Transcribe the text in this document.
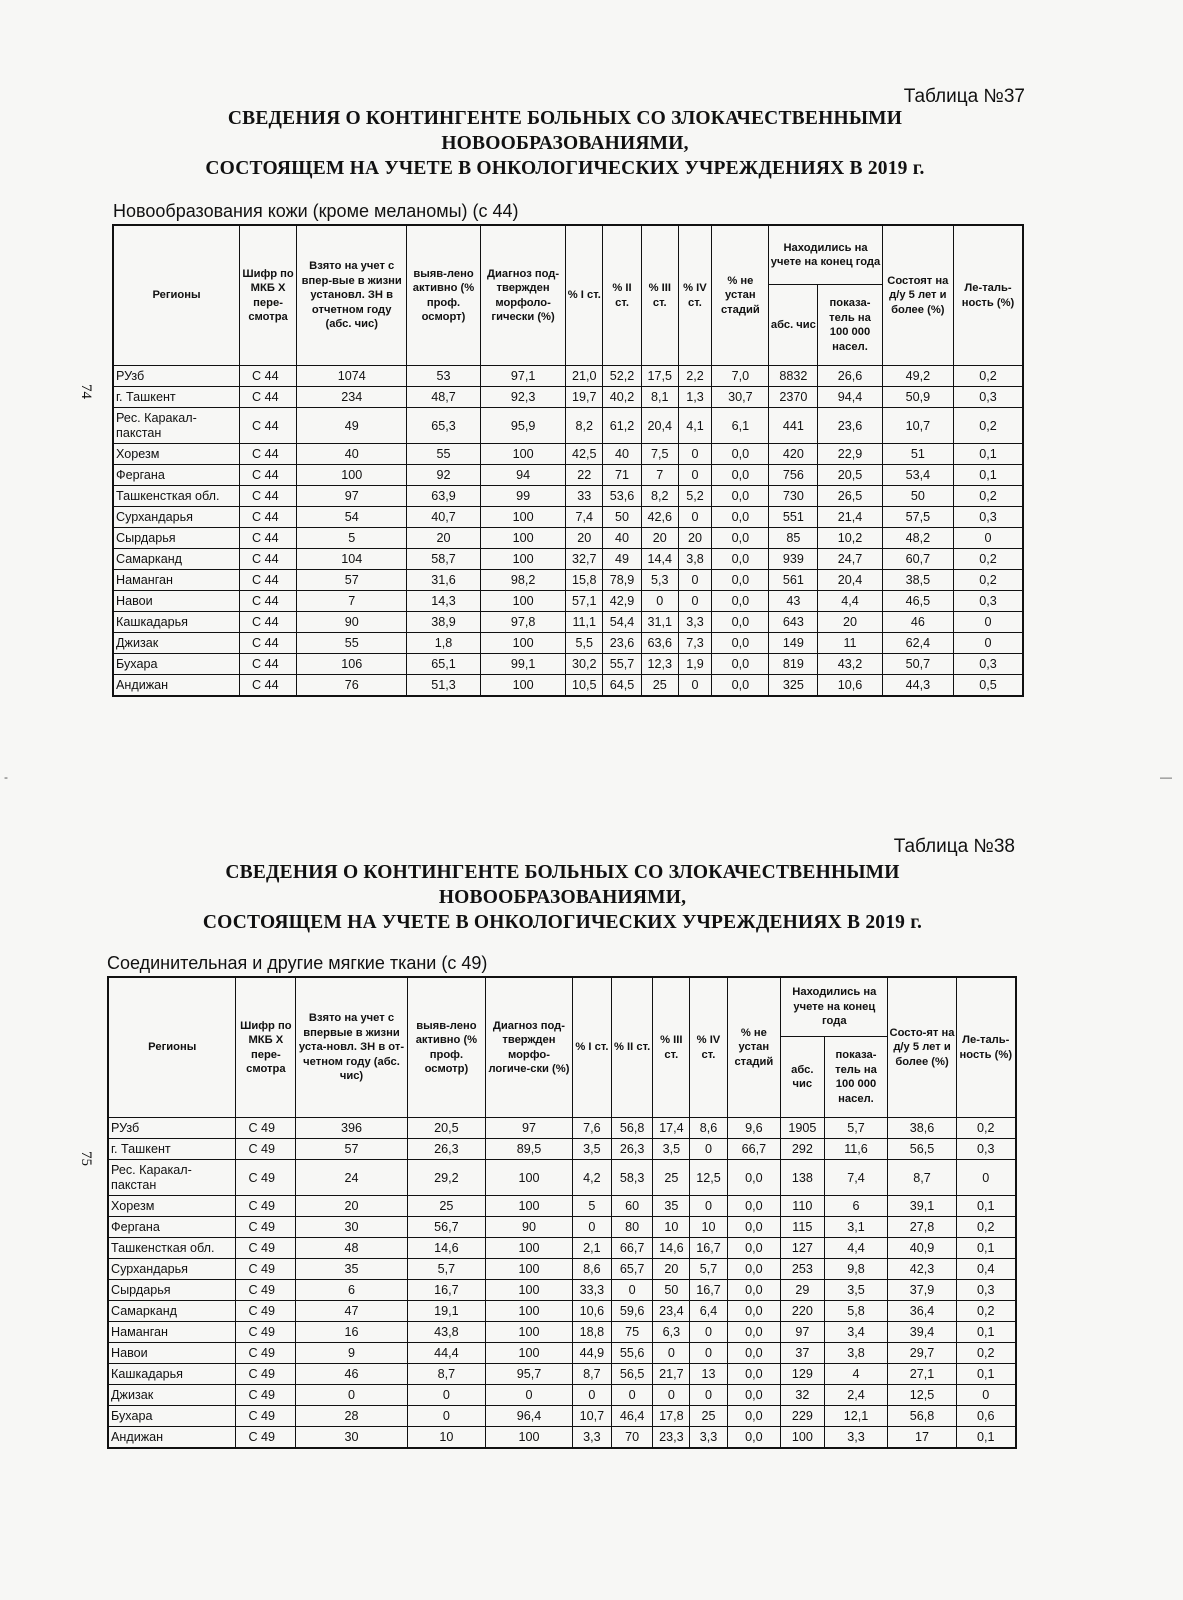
74
75
-	—
Таблица №37
СВЕДЕНИЯ О КОНТИНГЕНТЕ БОЛЬНЫХ СО ЗЛОКАЧЕСТВЕННЫМИ НОВООБРАЗОВАНИЯМИ,
СОСТОЯЩЕМ НА УЧЕТЕ В ОНКОЛОГИЧЕСКИХ УЧРЕЖДЕНИЯХ В 2019 г.
Новообразования кожи (кроме меланомы) (с 44)
Регионы	Шифр по МКБ X пере-смотра	Взято на учет с впер-вые в жизни установл. ЗН в отчетном году (абс. чис)	выяв-лено активно (% проф. осморт)	Диагноз под-твержден морфоло-гически (%)	% I ст.	% II ст.	% III ст.	% IV ст.	% не устан стадий	Находились на учете на конец года		Состоят на д/у 5 лет и более (%)	Ле-таль-ность (%)
										абс. чис	показа-тель на 100 000 насел.		
РУзб	С 44	1074	53	97,1	21,0	52,2	17,5	2,2	7,0	8832	26,6	49,2	0,2
г. Ташкент	С 44	234	48,7	92,3	19,7	40,2	8,1	1,3	30,7	2370	94,4	50,9	0,3
Рес. Каракал-пакстан	С 44	49	65,3	95,9	8,2	61,2	20,4	4,1	6,1	441	23,6	10,7	0,2
Хорезм	С 44	40	55	100	42,5	40	7,5	0	0,0	420	22,9	51	0,1
Фергана	С 44	100	92	94	22	71	7	0	0,0	756	20,5	53,4	0,1
Ташкенсткая обл.	С 44	97	63,9	99	33	53,6	8,2	5,2	0,0	730	26,5	50	0,2
Сурхандарья	С 44	54	40,7	100	7,4	50	42,6	0	0,0	551	21,4	57,5	0,3
Сырдарья	С 44	5	20	100	20	40	20	20	0,0	85	10,2	48,2	0
Самарканд	С 44	104	58,7	100	32,7	49	14,4	3,8	0,0	939	24,7	60,7	0,2
Наманган	С 44	57	31,6	98,2	15,8	78,9	5,3	0	0,0	561	20,4	38,5	0,2
Навои	С 44	7	14,3	100	57,1	42,9	0	0	0,0	43	4,4	46,5	0,3
Кашкадарья	С 44	90	38,9	97,8	11,1	54,4	31,1	3,3	0,0	643	20	46	0
Джизак	С 44	55	1,8	100	5,5	23,6	63,6	7,3	0,0	149	11	62,4	0
Бухара	С 44	106	65,1	99,1	30,2	55,7	12,3	1,9	0,0	819	43,2	50,7	0,3
Андижан	С 44	76	51,3	100	10,5	64,5	25	0	0,0	325	10,6	44,3	0,5
Таблица №38
СВЕДЕНИЯ О КОНТИНГЕНТЕ БОЛЬНЫХ СО ЗЛОКАЧЕСТВЕННЫМИ НОВООБРАЗОВАНИЯМИ,
СОСТОЯЩЕМ НА УЧЕТЕ В ОНКОЛОГИЧЕСКИХ УЧРЕЖДЕНИЯХ В 2019 г.
Соединительная и другие мягкие ткани (с 49)
Регионы	Шифр по МКБ X пере-смотра	Взято на учет с впервые в жизни уста-новл. ЗН в от-четном году (абс. чис)	выяв-лено активно (% проф. осмотр)	Диагноз под-твержден морфо-логиче-ски (%)	% I ст.	% II ст.	% III ст.	% IV ст.	% не устан стадий	Находились на учете на конец года		Состо-ят на д/у 5 лет и более (%)	Ле-таль-ность (%)
										абс. чис	показа-тель на 100 000 насел.		
РУзб	С 49	396	20,5	97	7,6	56,8	17,4	8,6	9,6	1905	5,7	38,6	0,2
г. Ташкент	С 49	57	26,3	89,5	3,5	26,3	3,5	0	66,7	292	11,6	56,5	0,3
Рес. Каракал-пакстан	С 49	24	29,2	100	4,2	58,3	25	12,5	0,0	138	7,4	8,7	0
Хорезм	С 49	20	25	100	5	60	35	0	0,0	110	6	39,1	0,1
Фергана	С 49	30	56,7	90	0	80	10	10	0,0	115	3,1	27,8	0,2
Ташкенсткая обл.	С 49	48	14,6	100	2,1	66,7	14,6	16,7	0,0	127	4,4	40,9	0,1
Сурхандарья	С 49	35	5,7	100	8,6	65,7	20	5,7	0,0	253	9,8	42,3	0,4
Сырдарья	С 49	6	16,7	100	33,3	0	50	16,7	0,0	29	3,5	37,9	0,3
Самарканд	С 49	47	19,1	100	10,6	59,6	23,4	6,4	0,0	220	5,8	36,4	0,2
Наманган	С 49	16	43,8	100	18,8	75	6,3	0	0,0	97	3,4	39,4	0,1
Навои	С 49	9	44,4	100	44,9	55,6	0	0	0,0	37	3,8	29,7	0,2
Кашкадарья	С 49	46	8,7	95,7	8,7	56,5	21,7	13	0,0	129	4	27,1	0,1
Джизак	С 49	0	0	0	0	0	0	0	0,0	32	2,4	12,5	0
Бухара	С 49	28	0	96,4	10,7	46,4	17,8	25	0,0	229	12,1	56,8	0,6
Андижан	С 49	30	10	100	3,3	70	23,3	3,3	0,0	100	3,3	17	0,1
